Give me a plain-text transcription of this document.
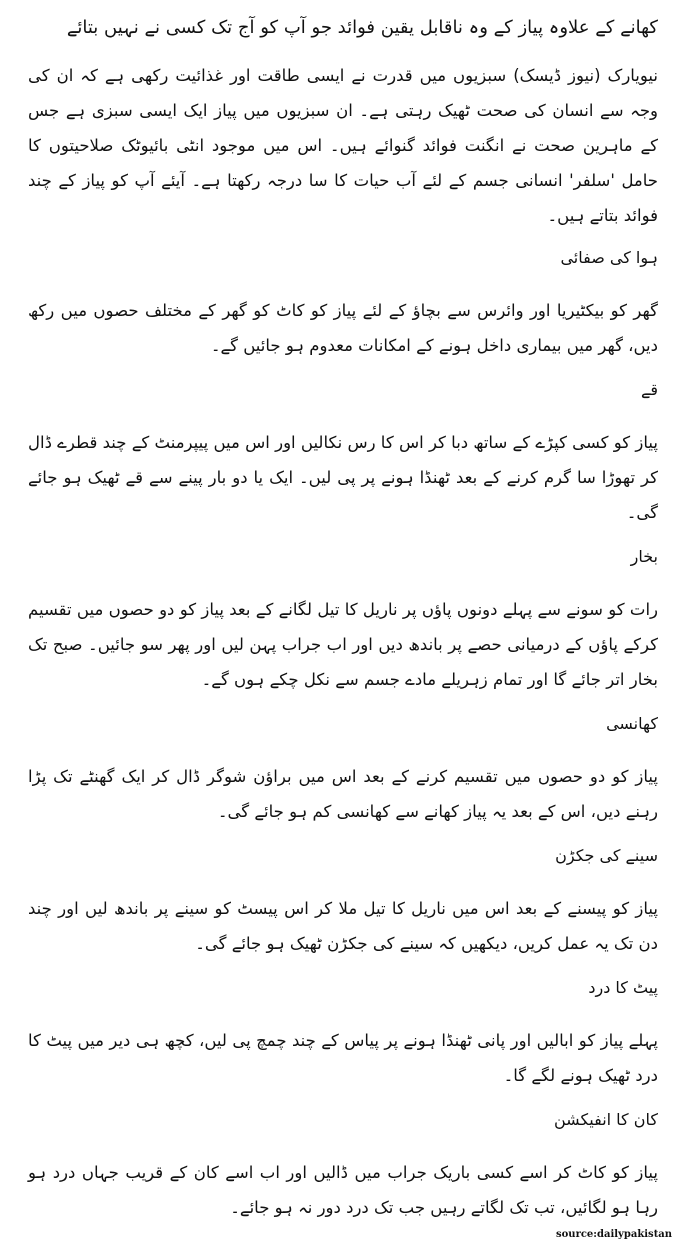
کھانے کے علاوہ پیاز کے وہ ناقابل یقین فوائد جو آپ کو آج تک کسی نے نہیں بتائے
نیویارک (نیوز ڈیسک) سبزیوں میں قدرت نے ایسی طاقت اور غذائیت رکھی ہے کہ ان کی وجہ سے انسان کی صحت ٹھیک رہتی ہے۔ ان سبزیوں میں پیاز ایک ایسی سبزی ہے جس کے ماہرین صحت نے انگنت فوائد گنوائے ہیں۔ اس میں موجود انٹی بائیوٹک صلاحیتوں کا حامل 'سلفر' انسانی جسم کے لئے آب حیات کا سا درجہ رکھتا ہے۔ آیئے آپ کو پیاز کے چند فوائد بتاتے ہیں۔
ہوا کی صفائی
گھر کو بیکٹیریا اور وائرس سے بچاؤ کے لئے پیاز کو کاٹ کو گھر کے مختلف حصوں میں رکھ دیں، گھر میں بیماری داخل ہونے کے امکانات معدوم ہو جائیں گے۔
قے
پیاز کو کسی کپڑے کے ساتھ دبا کر اس کا رس نکالیں اور اس میں پیپرمنٹ کے چند قطرے ڈال کر تھوڑا سا گرم کرنے کے بعد ٹھنڈا ہونے پر پی لیں۔ ایک یا دو بار پینے سے قے ٹھیک ہو جائے گی۔
بخار
رات کو سونے سے پہلے دونوں پاؤں پر ناریل کا تیل لگانے کے بعد پیاز کو دو حصوں میں تقسیم کرکے پاؤں کے درمیانی حصے پر باندھ دیں اور اب جراب پہن لیں اور پھر سو جائیں۔ صبح تک بخار اتر جائے گا اور تمام زہریلے مادے جسم سے نکل چکے ہوں گے۔
کھانسی
پیاز کو دو حصوں میں تقسیم کرنے کے بعد اس میں براؤن شوگر ڈال کر ایک گھنٹے تک پڑا رہنے دیں، اس کے بعد یہ پیاز کھانے سے کھانسی کم ہو جائے گی۔
سینے کی جکڑن
پیاز کو پیسنے کے بعد اس میں ناریل کا تیل ملا کر اس پیسٹ کو سینے پر باندھ لیں اور چند دن تک یہ عمل کریں، دیکھیں کہ سینے کی جکڑن ٹھیک ہو جائے گی۔
پیٹ کا درد
پہلے پیاز کو ابالیں اور پانی ٹھنڈا ہونے پر پیاس کے چند چمچ پی لیں، کچھ ہی دیر میں پیٹ کا درد ٹھیک ہونے لگے گا۔
کان کا انفیکشن
پیاز کو کاٹ کر اسے کسی باریک جراب میں ڈالیں اور اب اسے کان کے قریب جہاں درد ہو رہا ہو لگائیں، تب تک لگاتے رہیں جب تک درد دور نہ ہو جائے۔
source:dailypakistan
